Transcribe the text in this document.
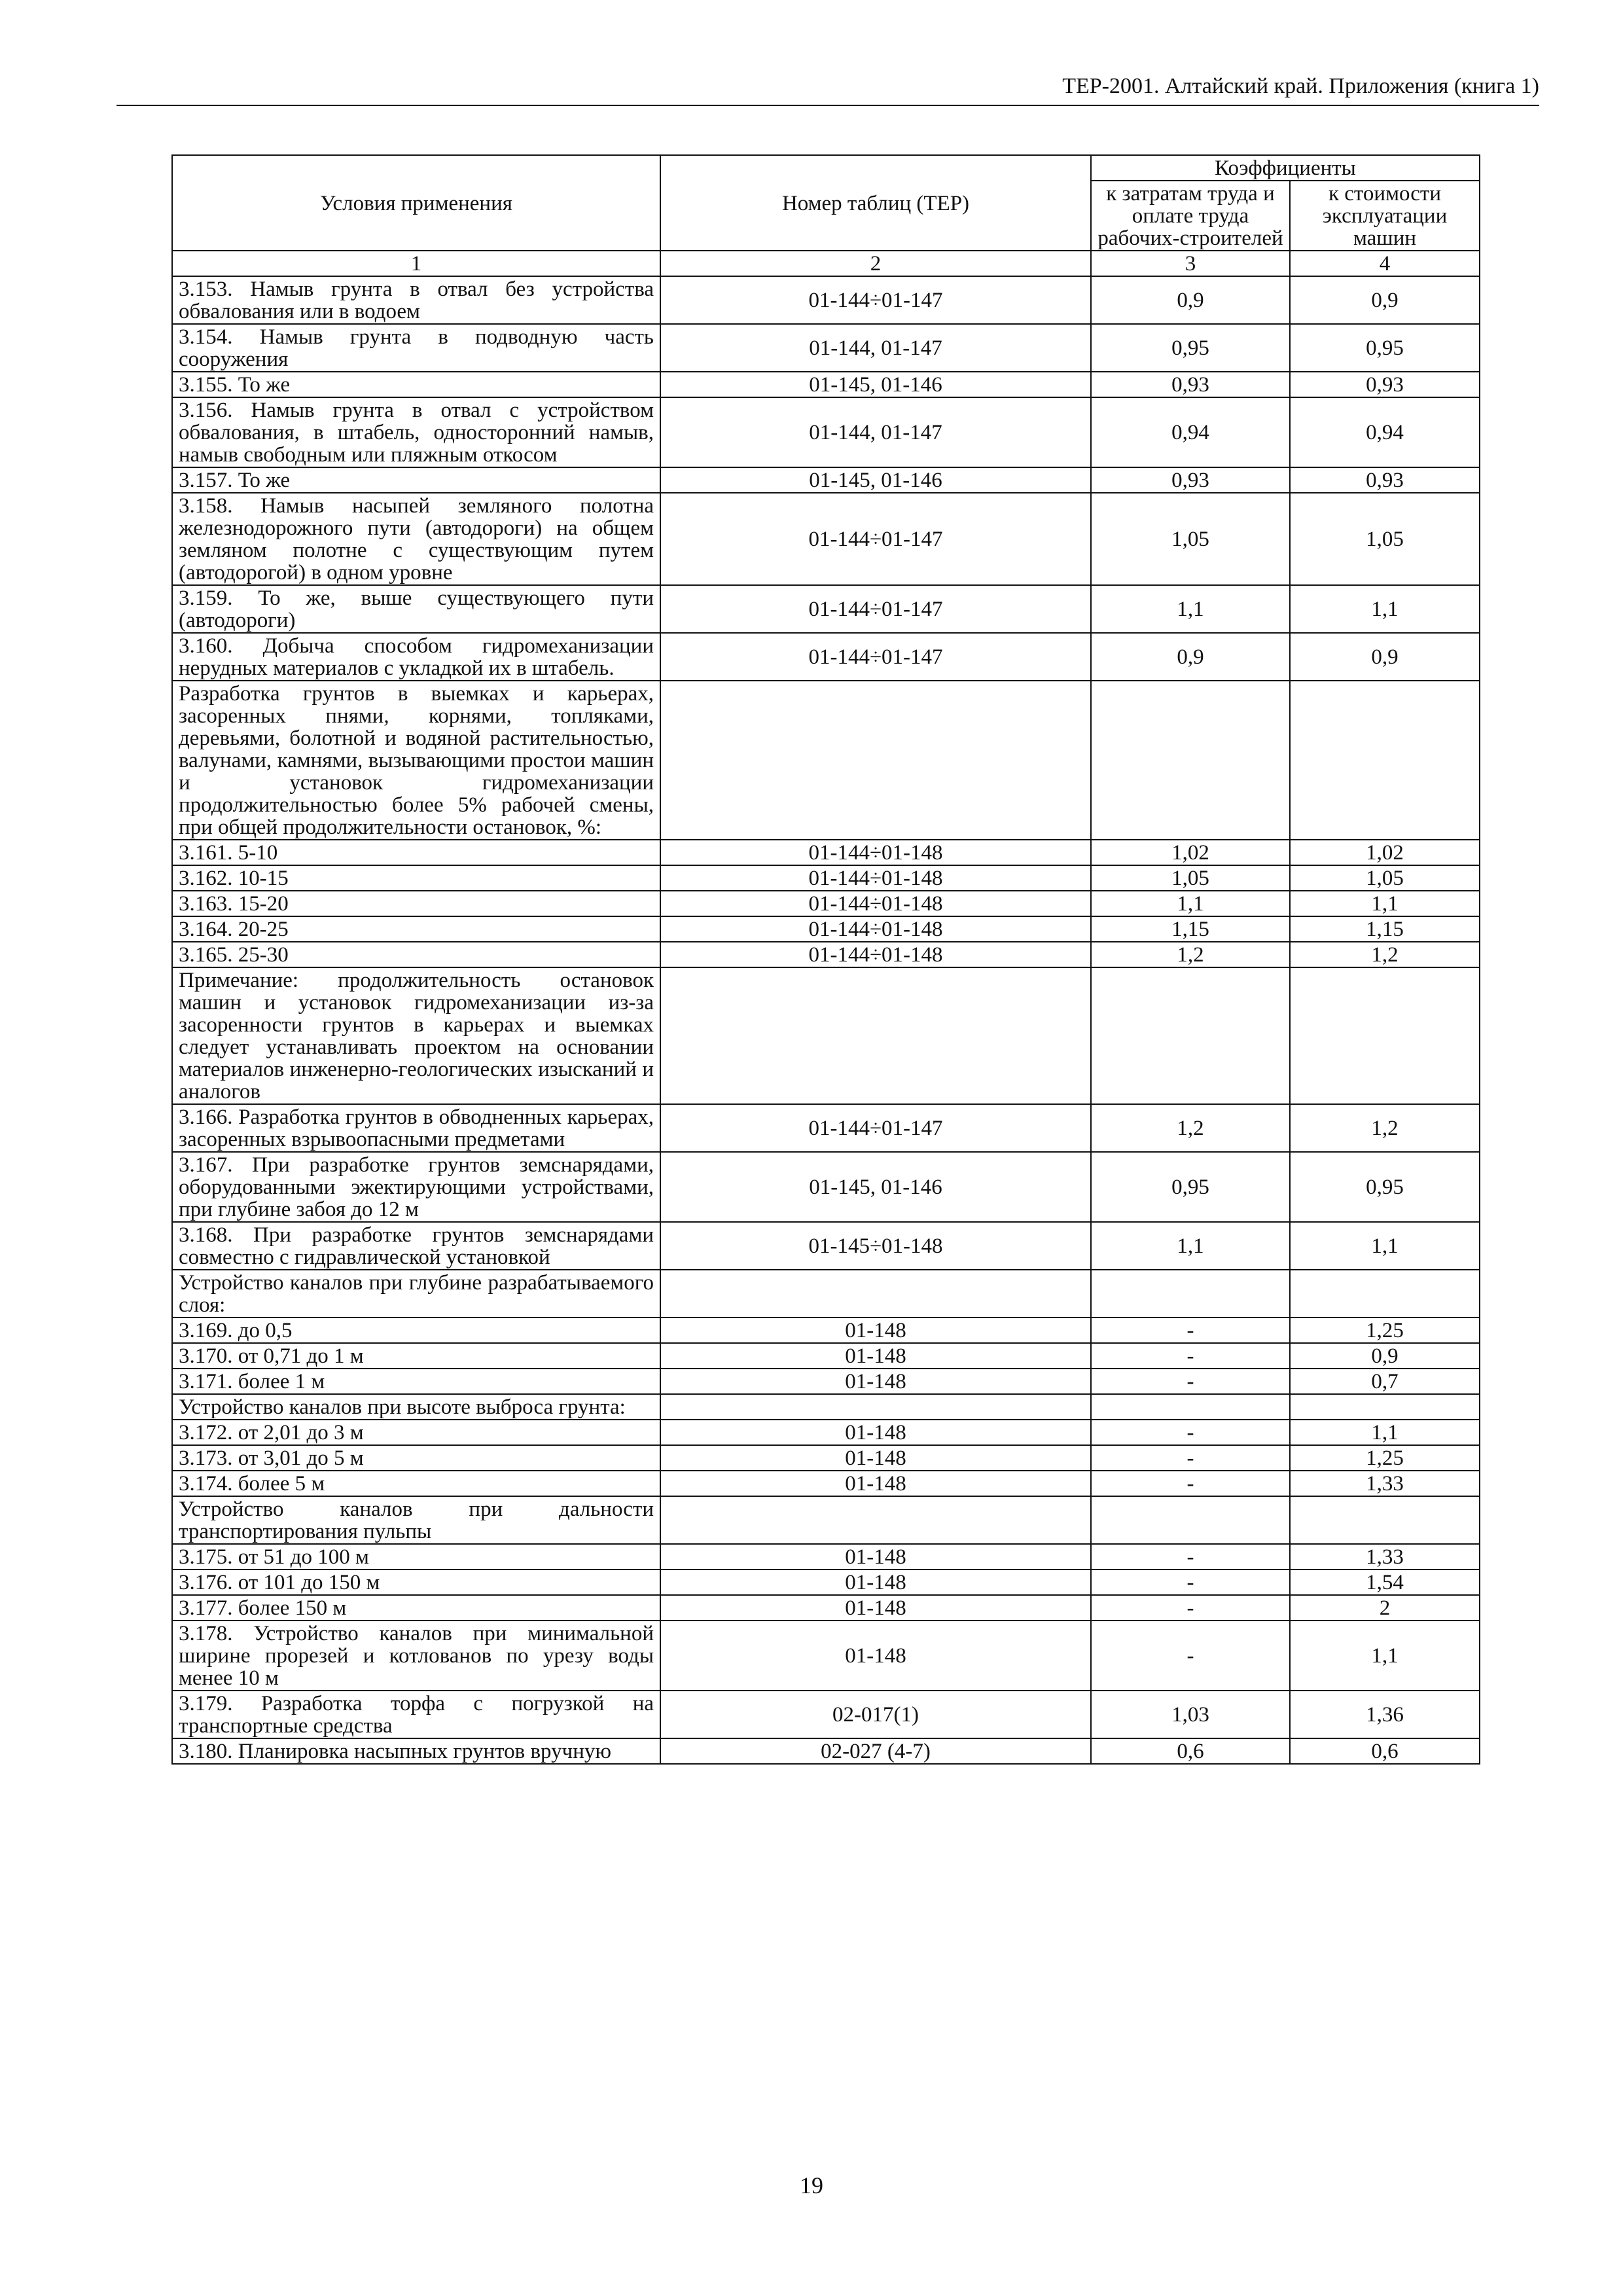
ТЕР-2001. Алтайский край. Приложения (книга 1)
Условия применения	Номер таблиц (ТЕР)	Коэффициенты	
		к затратам труда и оплате труда рабочих-строителей	к стоимости эксплуатации машин
1	2	3	4
3.153. Намыв грунта в отвал без устройства обвалования или в водоем	01-144÷01-147	0,9	0,9
3.154. Намыв грунта в подводную часть сооружения	01-144, 01-147	0,95	0,95
3.155. То же	01-145, 01-146	0,93	0,93
3.156. Намыв грунта в отвал с устройством обвалования, в штабель, односторонний намыв, намыв свободным или пляжным откосом	01-144, 01-147	0,94	0,94
3.157. То же	01-145, 01-146	0,93	0,93
3.158. Намыв насыпей земляного полотна железнодорожного пути (автодороги) на общем земляном полотне с существующим путем (автодорогой) в одном уровне	01-144÷01-147	1,05	1,05
3.159. То же, выше существующего пути (автодороги)	01-144÷01-147	1,1	1,1
3.160. Добыча способом гидромеханизации нерудных материалов с укладкой их в штабель.	01-144÷01-147	0,9	0,9
Разработка грунтов в выемках и карьерах, засоренных пнями, корнями, топляками, деревьями, болотной и водяной растительностью, валунами, камнями, вызывающими простои машин и установок гидромеханизации продолжительностью более 5% рабочей смены, при общей продолжительности остановок, %:			
3.161. 5-10	01-144÷01-148	1,02	1,02
3.162. 10-15	01-144÷01-148	1,05	1,05
3.163. 15-20	01-144÷01-148	1,1	1,1
3.164. 20-25	01-144÷01-148	1,15	1,15
3.165. 25-30	01-144÷01-148	1,2	1,2
Примечание: продолжительность остановок машин и установок гидромеханизации из-за засоренности грунтов в карьерах и выемках следует устанавливать проектом на основании материалов инженерно-геологических изысканий и аналогов			
3.166. Разработка грунтов в обводненных карьерах, засоренных взрывоопасными предметами	01-144÷01-147	1,2	1,2
3.167. При разработке грунтов земснарядами, оборудованными эжектирующими устройствами, при глубине забоя до 12 м	01-145, 01-146	0,95	0,95
3.168. При разработке грунтов земснарядами совместно с гидравлической установкой	01-145÷01-148	1,1	1,1
Устройство каналов при глубине разрабатываемого слоя:			
3.169. до 0,5	01-148	-	1,25
3.170. от 0,71 до 1 м	01-148	-	0,9
3.171. более 1 м	01-148	-	0,7
Устройство каналов при высоте выброса грунта:			
3.172. от 2,01 до 3 м	01-148	-	1,1
3.173. от 3,01 до 5 м	01-148	-	1,25
3.174. более 5 м	01-148	-	1,33
Устройство каналов при дальности транспортирования пульпы			
3.175. от 51 до 100 м	01-148	-	1,33
3.176. от 101 до 150 м	01-148	-	1,54
3.177. более 150 м	01-148	-	2
3.178. Устройство каналов при минимальной ширине прорезей и котлованов по урезу воды менее 10 м	01-148	-	1,1
3.179. Разработка торфа с погрузкой на транспортные средства	02-017(1)	1,03	1,36
3.180. Планировка насыпных грунтов вручную	02-027 (4-7)	0,6	0,6
19
